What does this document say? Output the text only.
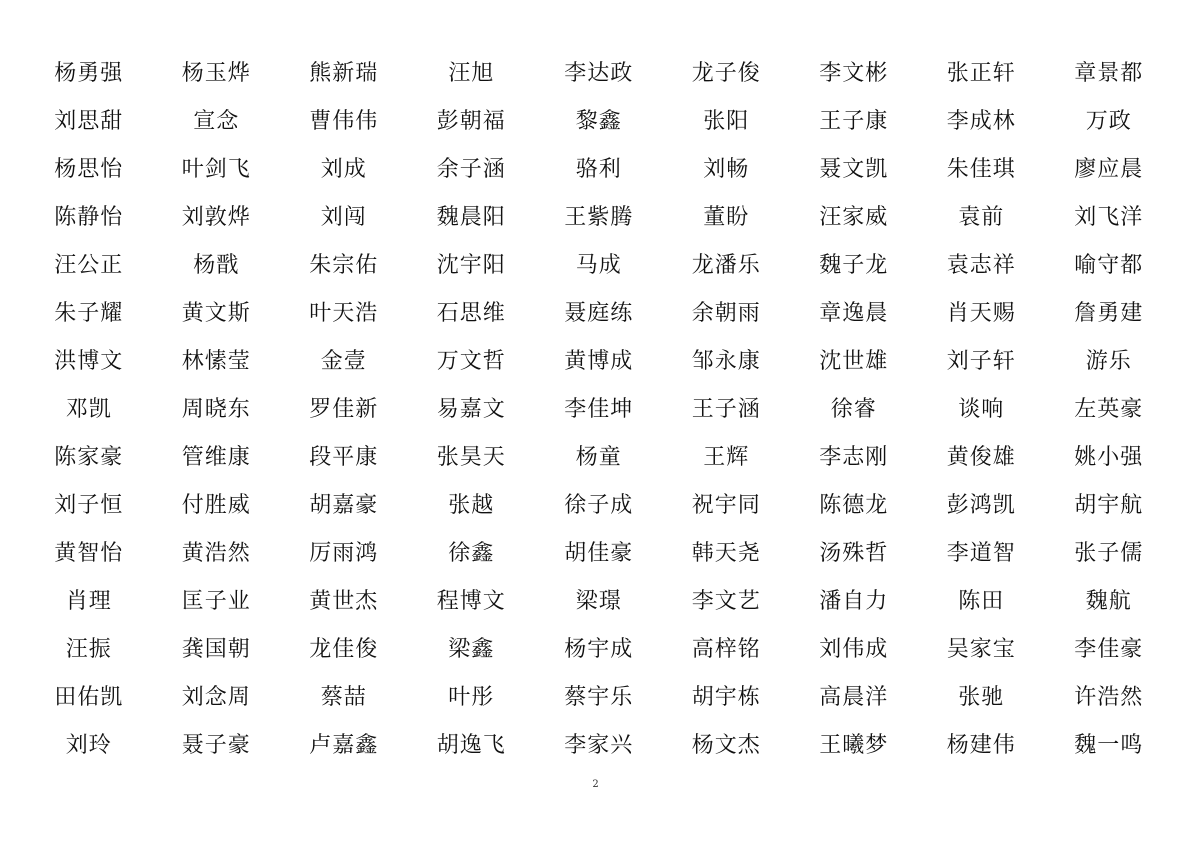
杨勇强	杨玉烨	熊新瑞	汪旭	李达政	龙子俊	李文彬	张正轩	章景都
刘思甜	宣念	曹伟伟	彭朝福	黎鑫	张阳	王子康	李成林	万政
杨思怡	叶剑飞	刘成	余子涵	骆利	刘畅	聂文凯	朱佳琪	廖应晨
陈静怡	刘敦烨	刘闯	魏晨阳	王紫腾	董盼	汪家威	袁前	刘飞洋
汪公正	杨戬	朱宗佑	沈宇阳	马成	龙潘乐	魏子龙	袁志祥	喻守都
朱子耀	黄文斯	叶天浩	石思维	聂庭练	余朝雨	章逸晨	肖天赐	詹勇建
洪博文	林愫莹	金壹	万文哲	黄博成	邹永康	沈世雄	刘子轩	游乐
邓凯	周晓东	罗佳新	易嘉文	李佳坤	王子涵	徐睿	谈响	左英豪
陈家豪	管维康	段平康	张昊天	杨童	王辉	李志刚	黄俊雄	姚小强
刘子恒	付胜威	胡嘉豪	张越	徐子成	祝宇同	陈德龙	彭鸿凯	胡宇航
黄智怡	黄浩然	厉雨鸿	徐鑫	胡佳豪	韩天尧	汤殊哲	李道智	张子儒
肖理	匡子业	黄世杰	程博文	梁璟	李文艺	潘自力	陈田	魏航
汪振	龚国朝	龙佳俊	梁鑫	杨宇成	高梓铭	刘伟成	吴家宝	李佳豪
田佑凯	刘念周	蔡喆	叶彤	蔡宇乐	胡宇栋	高晨洋	张驰	许浩然
刘玲	聂子豪	卢嘉鑫	胡逸飞	李家兴	杨文杰	王曦梦	杨建伟	魏一鸣
2
